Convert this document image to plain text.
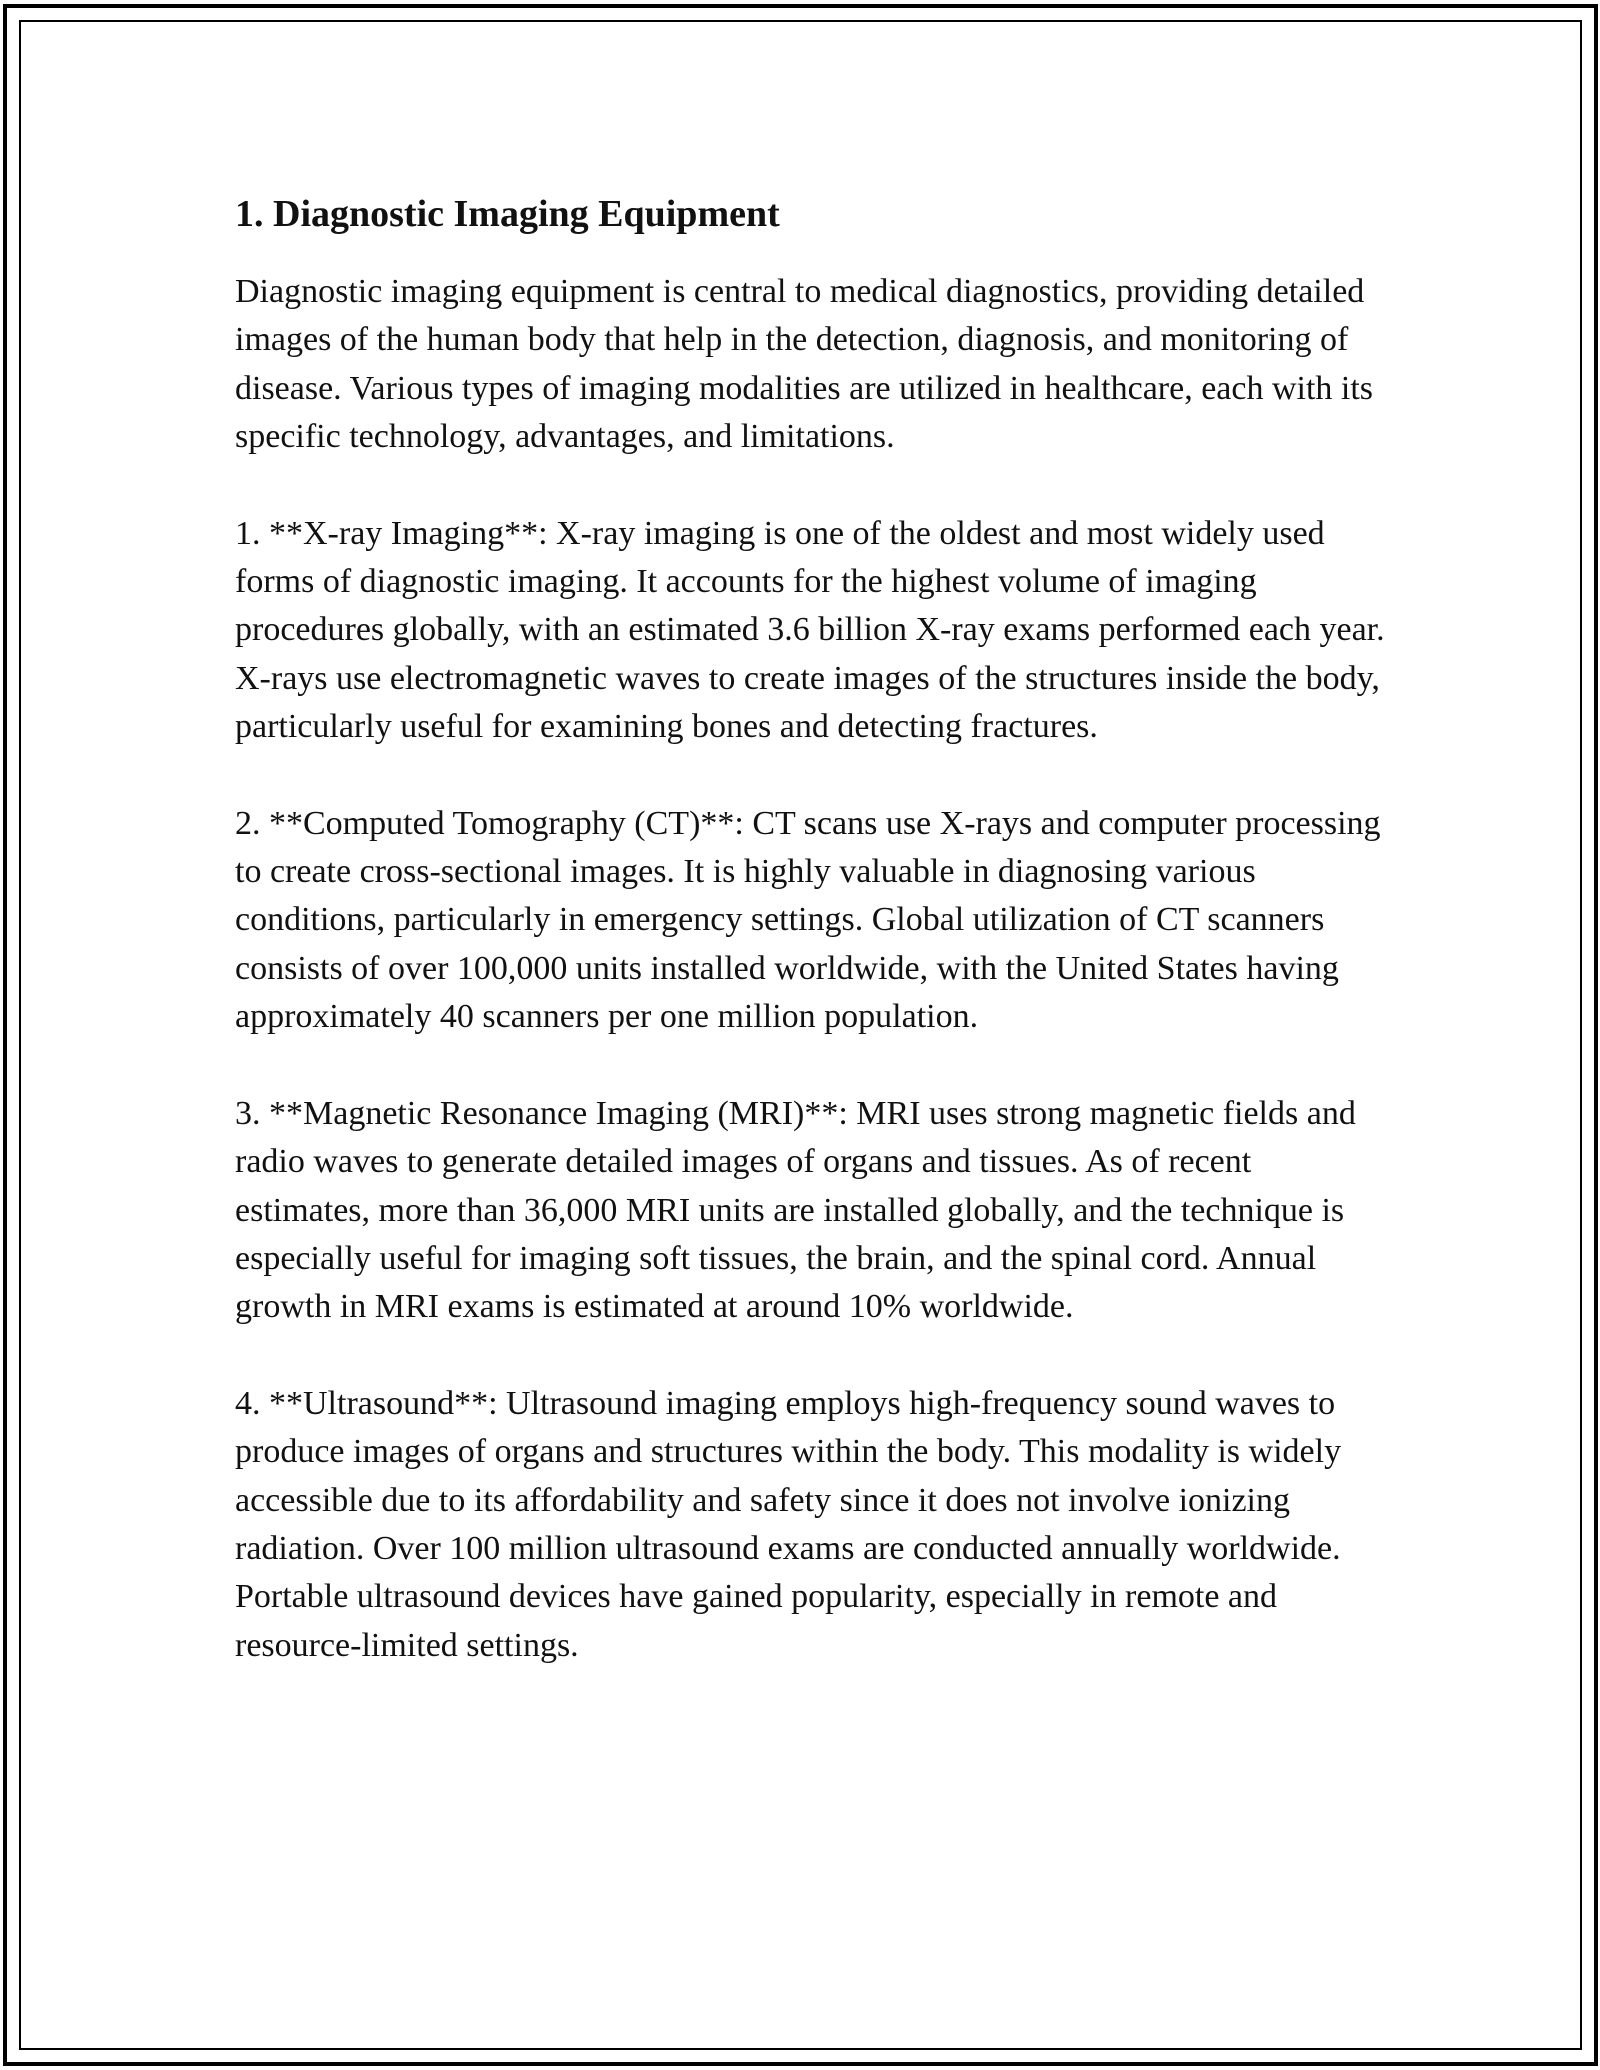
1. Diagnostic Imaging Equipment

Diagnostic imaging equipment is central to medical diagnostics, providing detailed images of the human body that help in the detection, diagnosis, and monitoring of disease. Various types of imaging modalities are utilized in healthcare, each with its specific technology, advantages, and limitations.

1. **X-ray Imaging**: X-ray imaging is one of the oldest and most widely used forms of diagnostic imaging. It accounts for the highest volume of imaging procedures globally, with an estimated 3.6 billion X-ray exams performed each year. X-rays use electromagnetic waves to create images of the structures inside the body, particularly useful for examining bones and detecting fractures.

2. **Computed Tomography (CT)**: CT scans use X-rays and computer processing to create cross-sectional images. It is highly valuable in diagnosing various conditions, particularly in emergency settings. Global utilization of CT scanners consists of over 100,000 units installed worldwide, with the United States having approximately 40 scanners per one million population.

3. **Magnetic Resonance Imaging (MRI)**: MRI uses strong magnetic fields and radio waves to generate detailed images of organs and tissues. As of recent estimates, more than 36,000 MRI units are installed globally, and the technique is especially useful for imaging soft tissues, the brain, and the spinal cord. Annual growth in MRI exams is estimated at around 10% worldwide.

4. **Ultrasound**: Ultrasound imaging employs high-frequency sound waves to produce images of organs and structures within the body. This modality is widely accessible due to its affordability and safety since it does not involve ionizing radiation. Over 100 million ultrasound exams are conducted annually worldwide. Portable ultrasound devices have gained popularity, especially in remote and resource-limited settings.
